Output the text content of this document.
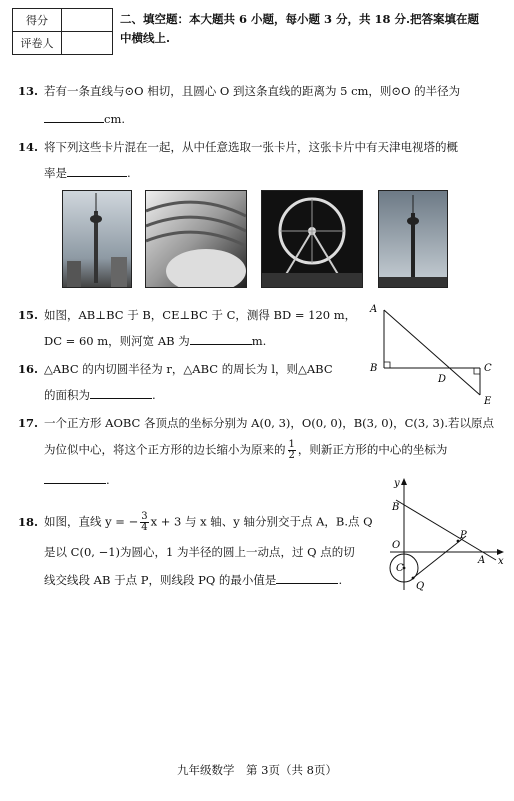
得分	
评卷人	
二、填空题：本大题共 6 小题，每小题 3 分，共 18 分.把答案填在题
中横线上.
13. 若有一条直线与⊙O 相切，且圆心 O 到这条直线的距离为 5 cm，则⊙O 的半径为
cm.
14. 将下列这些卡片混在一起，从中任意选取一张卡片，这张卡片中有天津电视塔的概
率是	.
15. 如图，AB⊥BC 于 B，CE⊥BC 于 C，测得 BD = 120 m，
DC = 60 m，则河宽 AB 为	m.
A
B	C
D
E
16. △ABC 的内切圆半径为 r，△ABC 的周长为 l，则△ABC
的面积为	.
17. 一个正方形 AOBC 各顶点的坐标分别为 A(0, 3)，O(0, 0)，B(3, 0)，C(3, 3).若以原点
为位似中心，将这个正方形的边长缩小为原来的 $\frac{1}{2}$ ，则新正方形的中心的坐标为
.
18. 如图，直线 y = − $\frac{3}{4}$ x + 3 与 x 轴、y 轴分别交于点 A，B.点 Q
是以 C(0, −1)为圆心，1 为半径的圆上一动点，过 Q 点的切
线交线段 AB 于点 P，则线段 PQ 的最小值是	.
y
x
B
O
P
A
C
Q
九年级数学　第 3页（共 8页）
